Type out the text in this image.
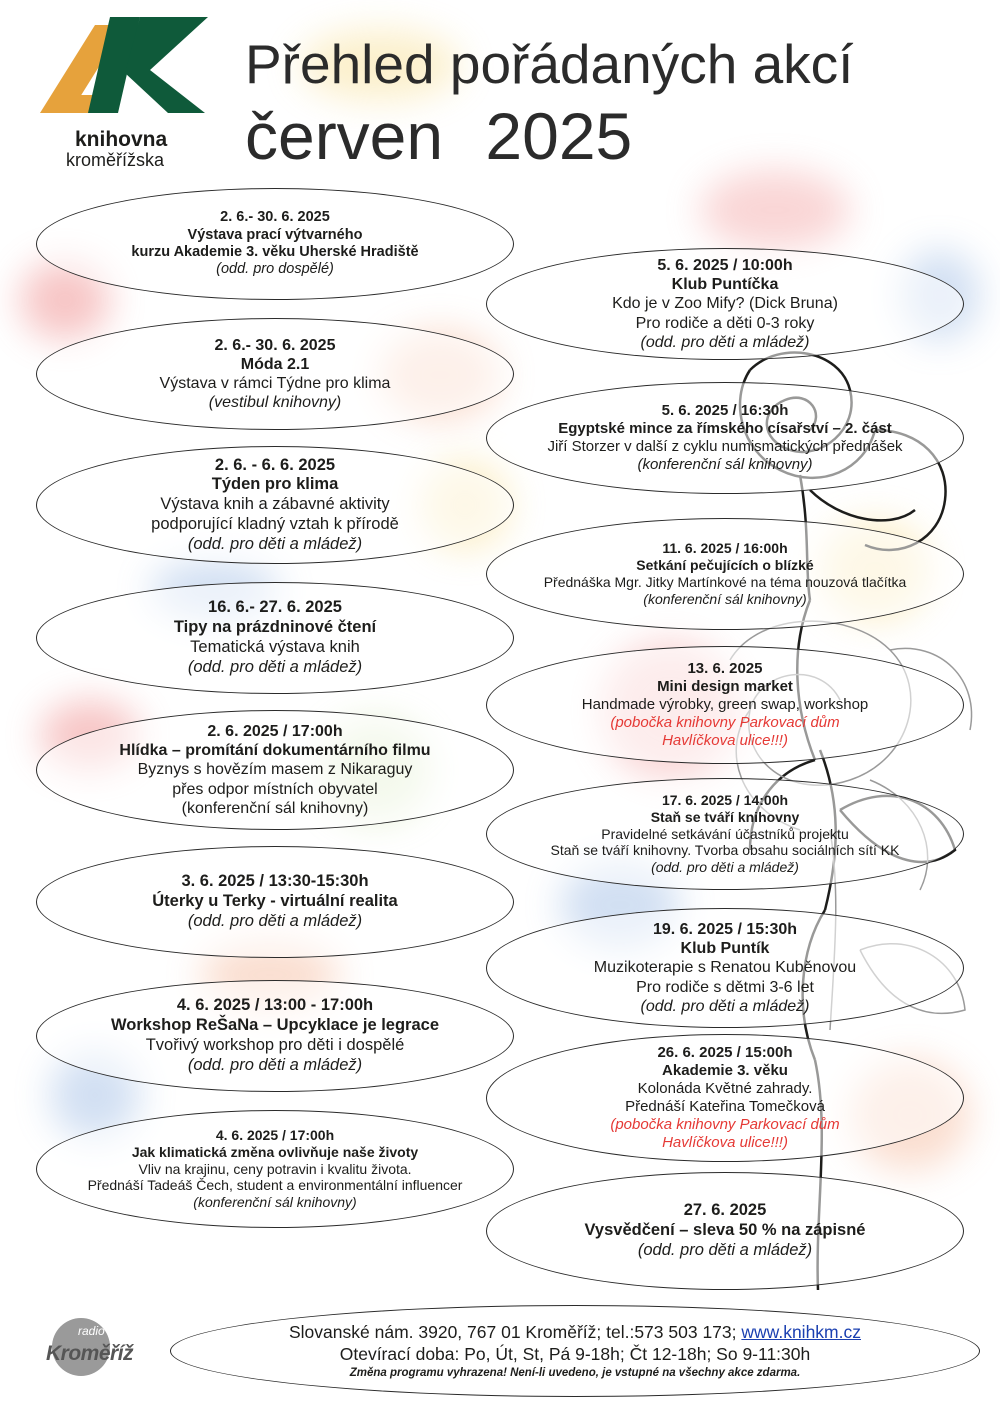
knihovna
kroměřížska
Přehled pořádaných akcí
červen 2025
2. 6.- 30. 6. 2025
Výstava prací výtvarného
kurzu Akademie 3. věku Uherské Hradiště
(odd. pro dospělé)
2. 6.- 30. 6. 2025
Móda 2.1
Výstava v rámci Týdne pro klima
(vestibul knihovny)
2. 6. - 6. 6. 2025
Týden pro klima
Výstava knih a zábavné aktivity
podporující kladný vztah k přírodě
(odd. pro děti a mládež)
16. 6.- 27. 6. 2025
Tipy na prázdninové čtení
Tematická výstava knih
(odd. pro děti a mládež)
2. 6. 2025 / 17:00h
Hlídka – promítání dokumentárního filmu
Byznys s hovězím masem z Nikaraguy
přes odpor místních obyvatel
(konferenční sál knihovny)
3. 6. 2025 / 13:30-15:30h
Úterky u Terky - virtuální realita
(odd. pro děti a mládež)
4. 6. 2025 / 13:00 - 17:00h
Workshop ReŠaNa – Upcyklace je legrace
Tvořivý workshop pro děti i dospělé
(odd. pro děti a mládež)
4. 6. 2025 / 17:00h
Jak klimatická změna ovlivňuje naše životy
Vliv na krajinu, ceny potravin i kvalitu života.
Přednáší Tadeáš Čech, student a environmentální influencer
(konferenční sál knihovny)
5. 6. 2025 / 10:00h
Klub Puntíčka
Kdo je v Zoo Mify? (Dick Bruna)
Pro rodiče a děti 0-3 roky
(odd. pro děti a mládež)
5. 6. 2025 / 16:30h
Egyptské mince za římského císařství – 2. část
Jiří Storzer v další z cyklu numismatických přednášek
(konferenční sál knihovny)
11. 6. 2025 / 16:00h
Setkání pečujících o blízké
Přednáška Mgr. Jitky Martínkové na téma nouzová tlačítka
(konferenční sál knihovny)
13. 6. 2025
Mini design market
Handmade výrobky, green swap, workshop
(pobočka knihovny Parkovací dům
Havlíčkova ulice!!!)
17. 6. 2025 / 14:00h
Staň se tváří knihovny
Pravidelné setkávání účastníků projektu
Staň se tváří knihovny. Tvorba obsahu sociálních sítí KK
(odd. pro děti a mládež)
19. 6. 2025 / 15:30h
Klub Puntík
Muzikoterapie s Renatou Kuběnovou
Pro rodiče s dětmi 3-6 let
(odd. pro děti a mládež)
26. 6. 2025 / 15:00h
Akademie 3. věku
Kolonáda Květné zahrady.
Přednáší Kateřina Tomečková
(pobočka knihovny Parkovací dům
Havlíčkova ulice!!!)
27. 6. 2025
Vysvědčení – sleva 50 % na zápisné
(odd. pro děti a mládež)
radio
Kroměříž
Slovanské nám. 3920, 767 01 Kroměříž; tel.:573 503 173; www.knihkm.cz
Otevírací doba: Po, Út, St, Pá 9-18h; Čt 12-18h; So 9-11:30h
Změna programu vyhrazena! Není-li uvedeno, je vstupné na všechny akce zdarma.
